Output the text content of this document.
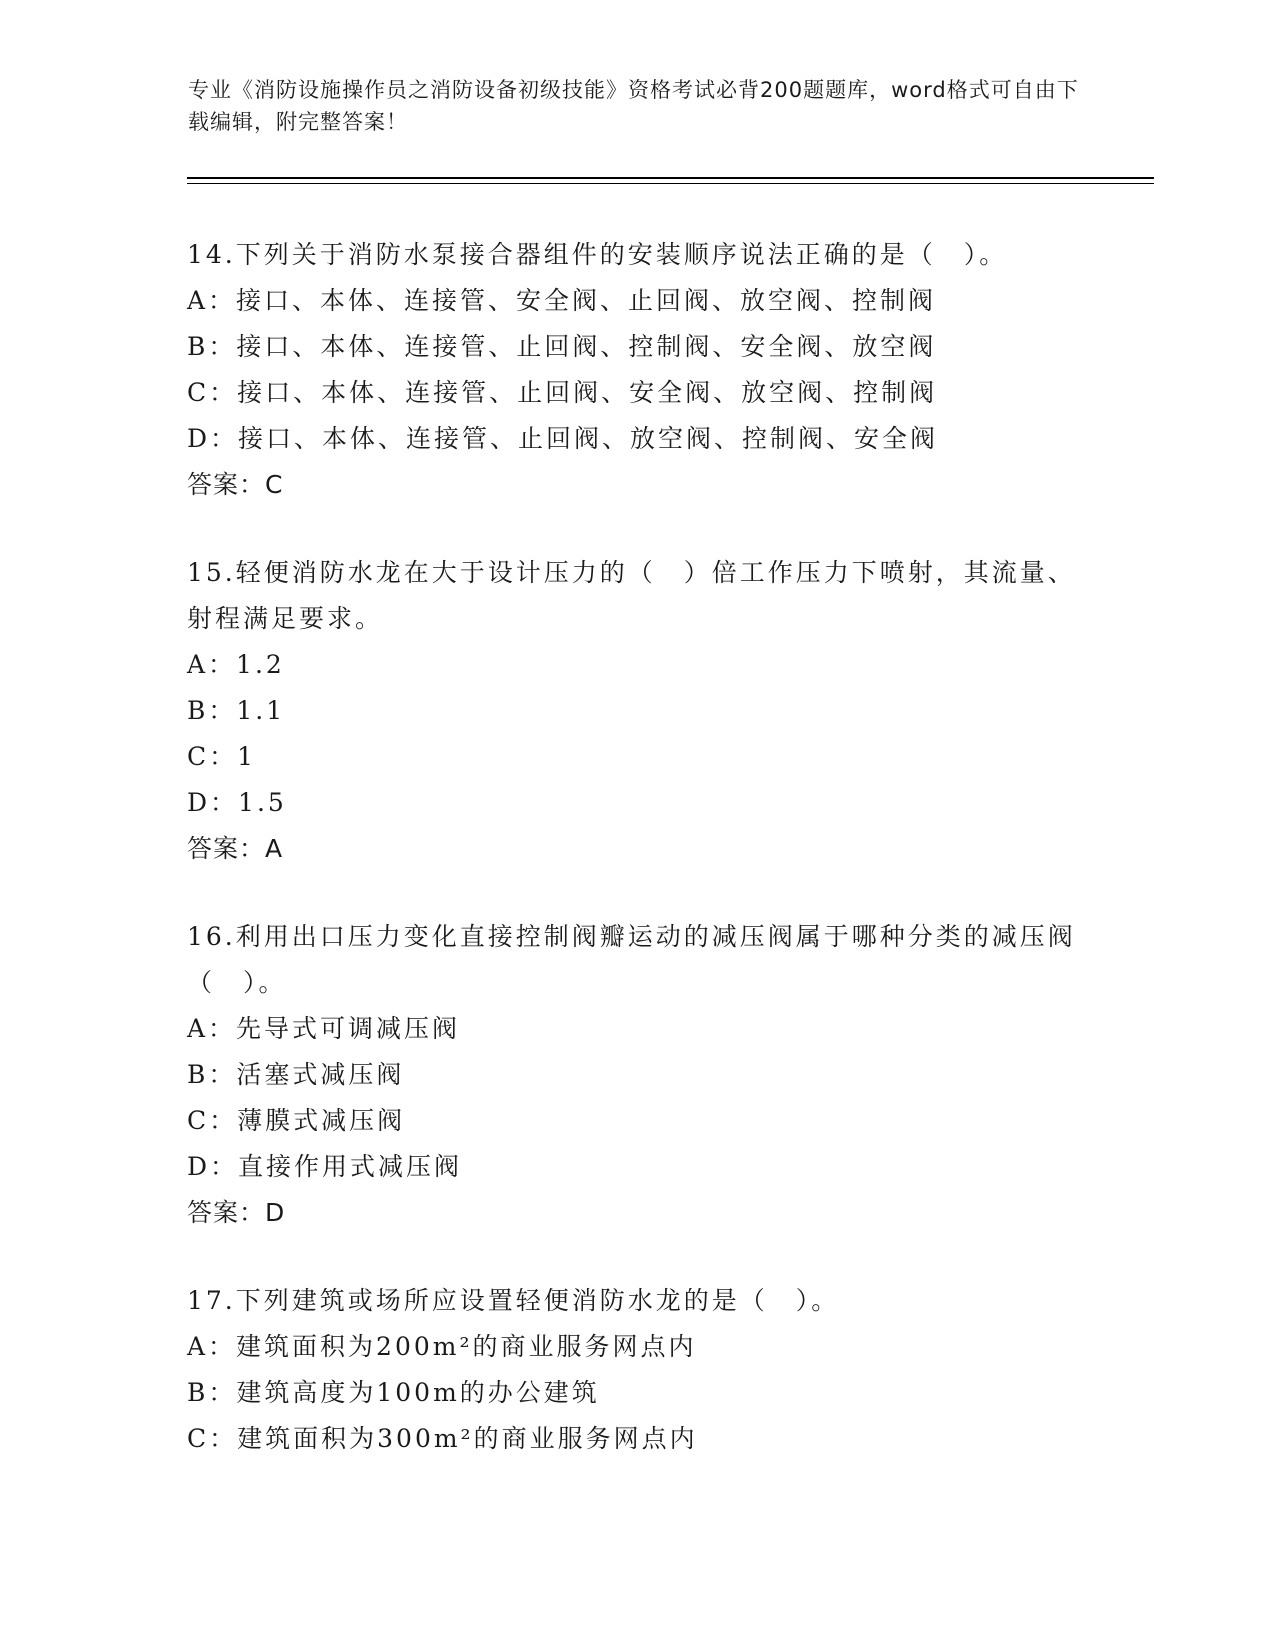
专业《消防设施操作员之消防设备初级技能》资格考试必背200题题库，word格式可自由下载编辑，附完整答案！
14.下列关于消防水泵接合器组件的安装顺序说法正确的是（　）。
A：接口、本体、连接管、安全阀、止回阀、放空阀、控制阀
B：接口、本体、连接管、止回阀、控制阀、安全阀、放空阀
C：接口、本体、连接管、止回阀、安全阀、放空阀、控制阀
D：接口、本体、连接管、止回阀、放空阀、控制阀、安全阀
答案：C
15.轻便消防水龙在大于设计压力的（　）倍工作压力下喷射，其流量、射程满足要求。
A：1.2
B：1.1
C：1
D：1.5
答案：A
16.利用出口压力变化直接控制阀瓣运动的减压阀属于哪种分类的减压阀（　）。
A：先导式可调减压阀
B：活塞式减压阀
C：薄膜式减压阀
D：直接作用式减压阀
答案：D
17.下列建筑或场所应设置轻便消防水龙的是（　）。
A：建筑面积为200m²的商业服务网点内
B：建筑高度为100m的办公建筑
C：建筑面积为300m²的商业服务网点内
